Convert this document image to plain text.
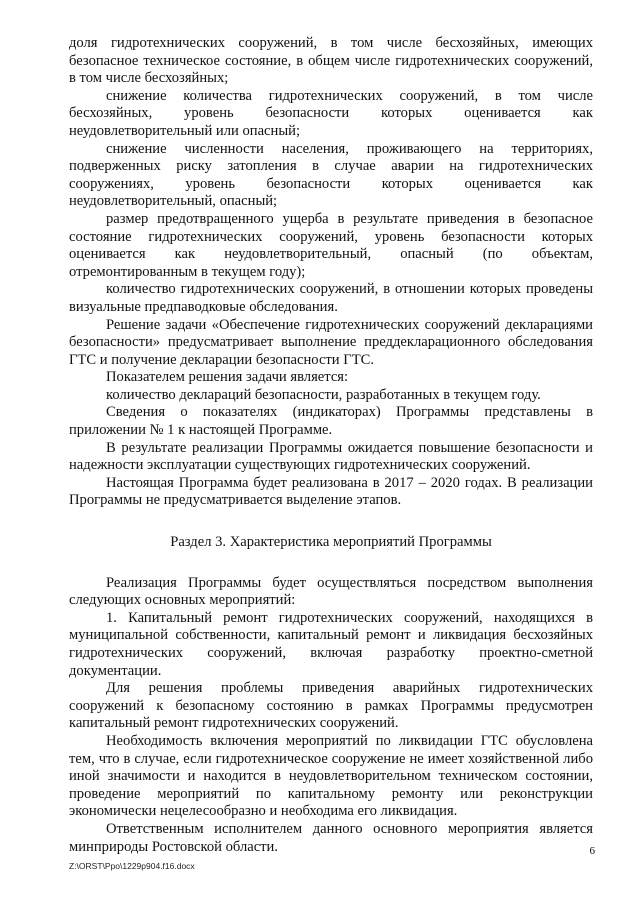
доля гидротехнических сооружений, в том числе бесхозяйных, имеющих безопасное техническое состояние, в общем числе гидротехнических сооружений, в том числе бесхозяйных;
снижение количества гидротехнических сооружений, в том числе бесхозяйных, уровень безопасности которых оценивается как неудовлетворительный или опасный;
снижение численности населения, проживающего на территориях, подверженных риску затопления в случае аварии на гидротехнических сооружениях, уровень безопасности которых оценивается как неудовлетворительный, опасный;
размер предотвращенного ущерба в результате приведения в безопасное состояние гидротехнических сооружений, уровень безопасности которых оценивается как неудовлетворительный, опасный (по объектам, отремонтированным в текущем году);
количество гидротехнических сооружений, в отношении которых проведены визуальные предпаводковые обследования.
Решение задачи «Обеспечение гидротехнических сооружений декларациями безопасности» предусматривает выполнение преддекларационного обследования ГТС и получение декларации безопасности ГТС.
Показателем решения задачи является:
количество деклараций безопасности, разработанных в текущем году.
Сведения о показателях (индикаторах) Программы представлены в приложении № 1 к настоящей Программе.
В результате реализации Программы ожидается повышение безопасности и надежности эксплуатации существующих гидротехнических сооружений.
Настоящая Программа будет реализована в 2017 – 2020 годах. В реализации Программы не предусматривается выделение этапов.
Раздел 3. Характеристика мероприятий Программы
Реализация Программы будет осуществляться посредством выполнения следующих основных мероприятий:
1. Капитальный ремонт гидротехнических сооружений, находящихся в муниципальной собственности, капитальный ремонт и ликвидация бесхозяйных гидротехнических сооружений, включая разработку проектно-сметной документации.
Для решения проблемы приведения аварийных гидротехнических сооружений к безопасному состоянию в рамках Программы предусмотрен капитальный ремонт гидротехнических сооружений.
Необходимость включения мероприятий по ликвидации ГТС обусловлена тем, что в случае, если гидротехническое сооружение не имеет хозяйственной либо иной значимости и находится в неудовлетворительном техническом состоянии, проведение мероприятий по капитальному ремонту или реконструкции экономически нецелесообразно и необходима его ликвидация.
Ответственным исполнителем данного основного мероприятия является минприроды Ростовской области.	6
Z:\ORST\Ppo\1229p904.f16.docx
